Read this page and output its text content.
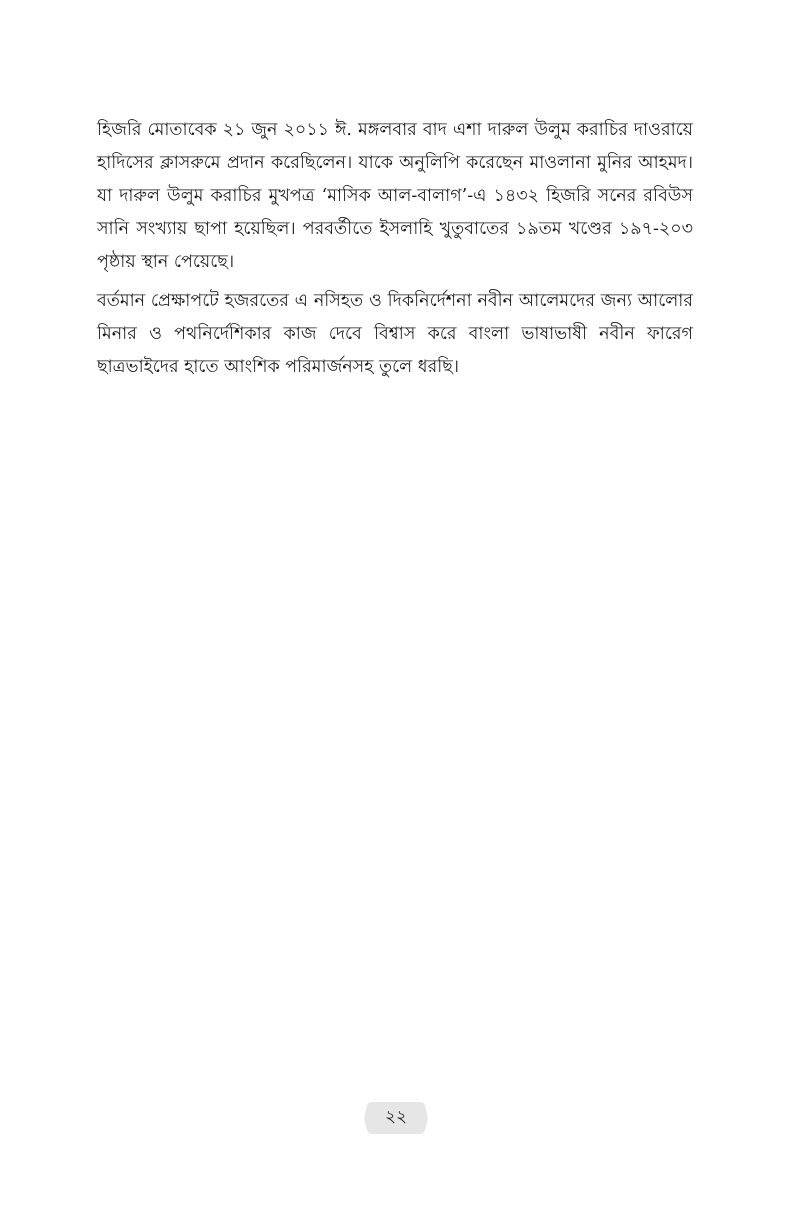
হিজরি মোতাবেক ২১ জুন ২০১১ ঈ. মঙ্গলবার বাদ এশা দারুল উলুম করাচির দাওরায়ে হাদিসের ক্লাসরুমে প্রদান করেছিলেন। যাকে অনুলিপি করেছেন মাওলানা মুনির আহমদ। যা দারুল উলুম করাচির মুখপত্র ‘মাসিক আল-বালাগ’-এ ১৪৩২ হিজরি সনের রবিউস সানি সংখ্যায় ছাপা হয়েছিল। পরবর্তীতে ইসলাহি খুতুবাতের ১৯তম খণ্ডের ১৯৭-২০৩ পৃষ্ঠায় স্থান পেয়েছে।

বর্তমান প্রেক্ষাপটে হজরতের এ নসিহত ও দিকনির্দেশনা নবীন আলেমদের জন্য আলোর মিনার ও পথনির্দেশিকার কাজ দেবে বিশ্বাস করে বাংলা ভাষাভাষী নবীন ফারেগ ছাত্রভাইদের হাতে আংশিক পরিমার্জনসহ তুলে ধরছি।

২২
